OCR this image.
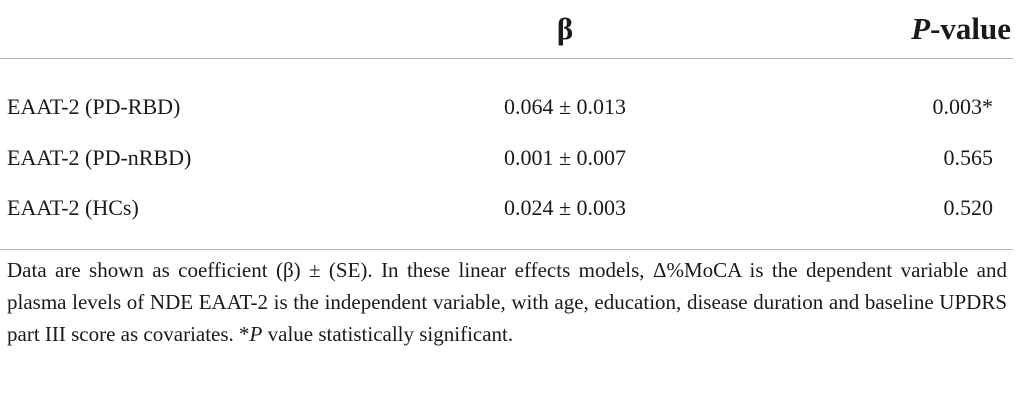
	β	P-value
EAAT-2 (PD-RBD)	0.064 ± 0.013	0.003*
EAAT-2 (PD-nRBD)	0.001 ± 0.007	0.565
EAAT-2 (HCs)	0.024 ± 0.003	0.520
Data are shown as coefficient (β) ± (SE). In these linear effects models, Δ%MoCA is the dependent variable and plasma levels of NDE EAAT-2 is the independent variable, with age, education, disease duration and baseline UPDRS part III score as covariates. *P value statistically significant.
